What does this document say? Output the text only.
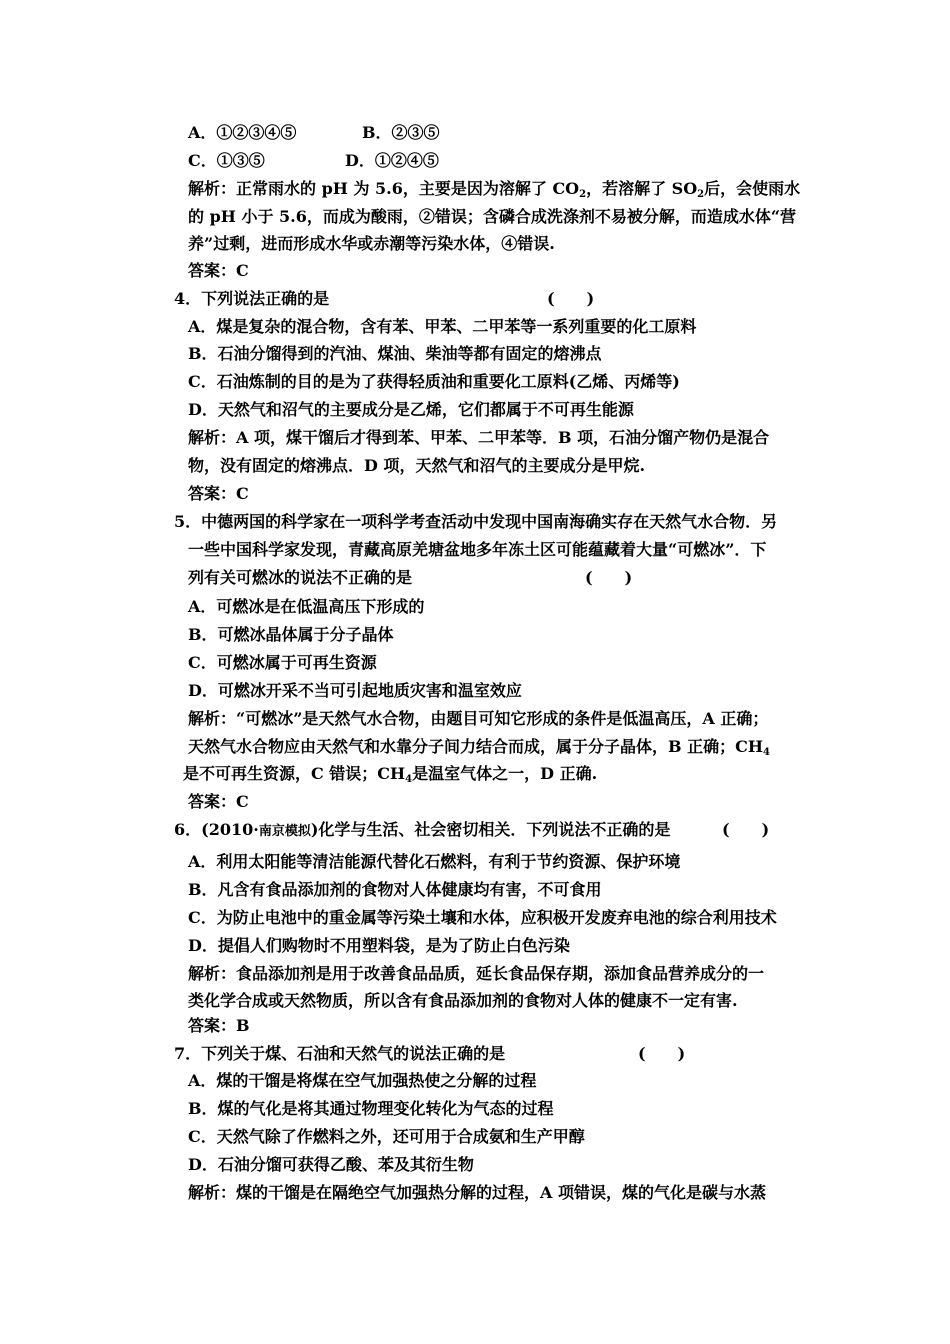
A．①②③④⑤	B．②③⑤
C．①③⑤	D．①②④⑤
解析：正常雨水的 pH 为 5.6，主要是因为溶解了 $CO_2$，若溶解了 $SO_2$后，会使雨水
的 pH 小于 5.6，而成为酸雨，②错误；含磷合成洗涤剂不易被分解，而造成水体“营
养”过剩，进而形成水华或赤潮等污染水体，④错误.
答案：C
4．下列说法正确的是	(　　)
A．煤是复杂的混合物，含有苯、甲苯、二甲苯等一系列重要的化工原料
B．石油分馏得到的汽油、煤油、柴油等都有固定的熔沸点
C．石油炼制的目的是为了获得轻质油和重要化工原料(乙烯、丙烯等)
D．天然气和沼气的主要成分是乙烯，它们都属于不可再生能源
解析：A 项，煤干馏后才得到苯、甲苯、二甲苯等．B 项，石油分馏产物仍是混合
物，没有固定的熔沸点．D 项，天然气和沼气的主要成分是甲烷.
答案：C
5．中德两国的科学家在一项科学考查活动中发现中国南海确实存在天然气水合物．另
一些中国科学家发现，青藏高原羌塘盆地多年冻土区可能蕴藏着大量“可燃冰”．下
列有关可燃冰的说法不正确的是	(　　)
A．可燃冰是在低温高压下形成的
B．可燃冰晶体属于分子晶体
C．可燃冰属于可再生资源
D．可燃冰开采不当可引起地质灾害和温室效应
解析：“可燃冰”是天然气水合物，由题目可知它形成的条件是低温高压，A 正确；
天然气水合物应由天然气和水靠分子间力结合而成，属于分子晶体，B 正确；$CH_4$
是不可再生资源，C 错误；$CH_4$是温室气体之一，D 正确.
答案：C
6．(2010·南京模拟)化学与生活、社会密切相关．下列说法不正确的是	(　　)
A．利用太阳能等清洁能源代替化石燃料，有利于节约资源、保护环境
B．凡含有食品添加剂的食物对人体健康均有害，不可食用
C．为防止电池中的重金属等污染土壤和水体，应积极开发废弃电池的综合利用技术
D．提倡人们购物时不用塑料袋，是为了防止白色污染
解析：食品添加剂是用于改善食品品质，延长食品保存期，添加食品营养成分的一
类化学合成或天然物质，所以含有食品添加剂的食物对人体的健康不一定有害.
答案：B
7．下列关于煤、石油和天然气的说法正确的是	(　　)
A．煤的干馏是将煤在空气加强热使之分解的过程
B．煤的气化是将其通过物理变化转化为气态的过程
C．天然气除了作燃料之外，还可用于合成氨和生产甲醇
D．石油分馏可获得乙酸、苯及其衍生物
解析：煤的干馏是在隔绝空气加强热分解的过程，A 项错误，煤的气化是碳与水蒸
